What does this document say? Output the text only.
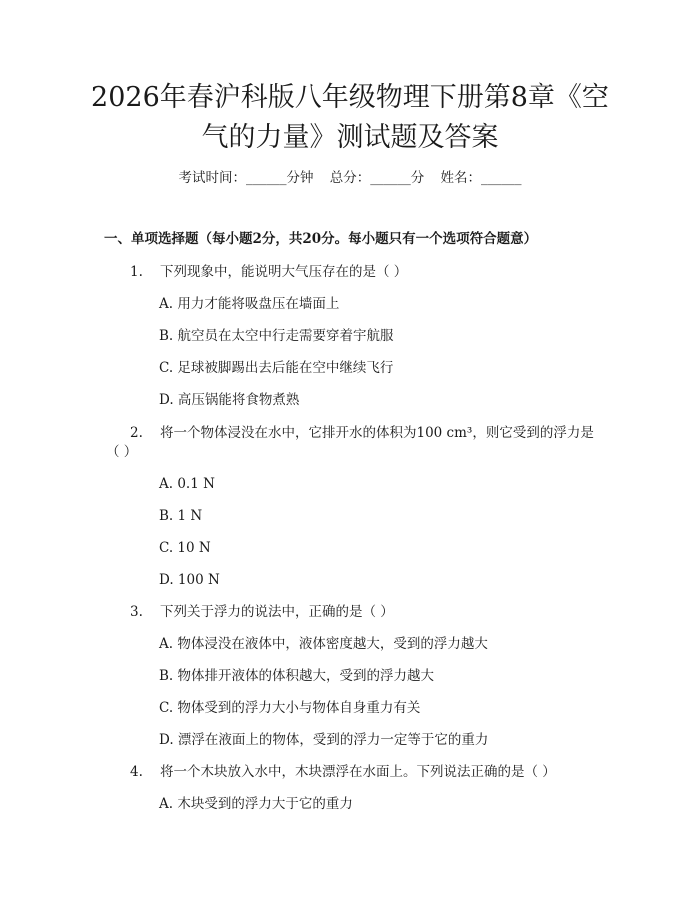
2026年春沪科版八年级物理下册第8章《空
气的力量》测试题及答案
考试时间：______分钟 总分：______分 姓名：______
一、单项选择题（每小题2分，共20分。每小题只有一个选项符合题意）
1. 下列现象中，能说明大气压存在的是（ ）
A. 用力才能将吸盘压在墙面上
B. 航空员在太空中行走需要穿着宇航服
C. 足球被脚踢出去后能在空中继续飞行
D. 高压锅能将食物煮熟
2. 将一个物体浸没在水中，它排开水的体积为100 cm³，则它受到的浮力是
（ ）
A. 0.1 N
B. 1 N
C. 10 N
D. 100 N
3. 下列关于浮力的说法中，正确的是（ ）
A. 物体浸没在液体中，液体密度越大，受到的浮力越大
B. 物体排开液体的体积越大，受到的浮力越大
C. 物体受到的浮力大小与物体自身重力有关
D. 漂浮在液面上的物体，受到的浮力一定等于它的重力
4. 将一个木块放入水中，木块漂浮在水面上。下列说法正确的是（ ）
A. 木块受到的浮力大于它的重力
